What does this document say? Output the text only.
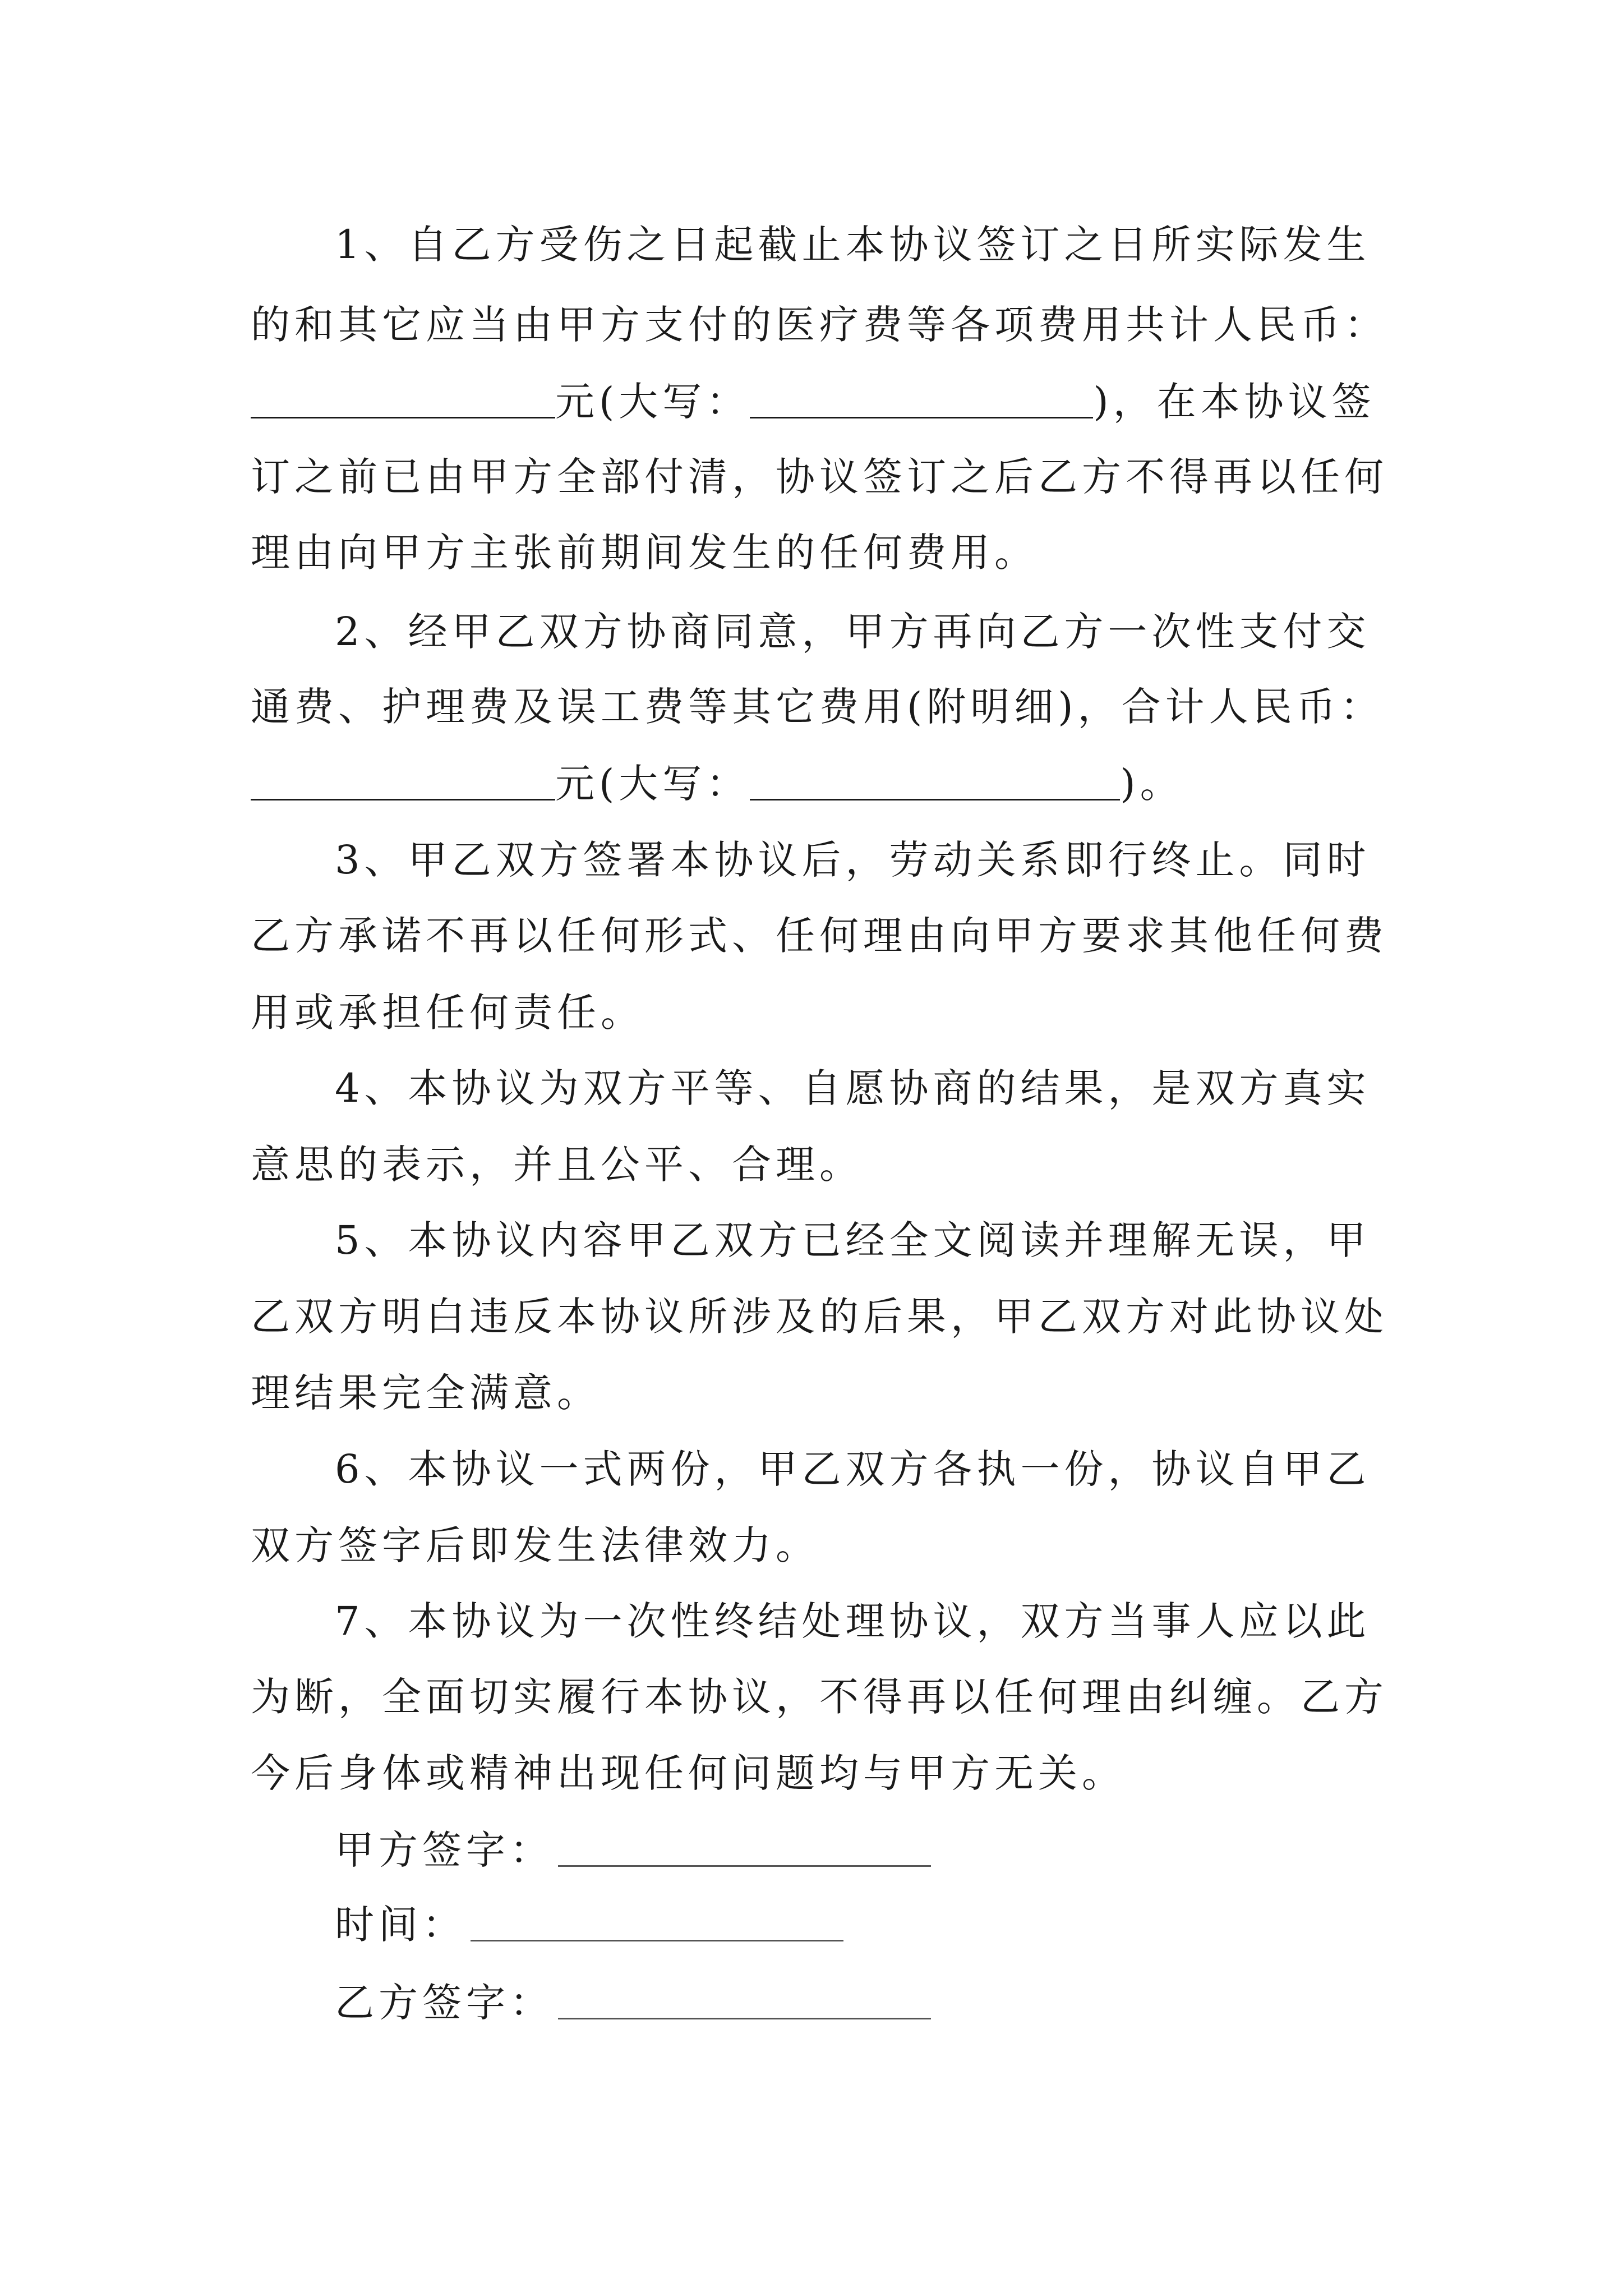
1、自乙方受伤之日起截止本协议签订之日所实际发生
的和其它应当由甲方支付的医疗费等各项费用共计人民币：
元(大写：	)，在本协议签
订之前已由甲方全部付清，协议签订之后乙方不得再以任何
理由向甲方主张前期间发生的任何费用。
2、经甲乙双方协商同意，甲方再向乙方一次性支付交
通费、护理费及误工费等其它费用(附明细)，合计人民币：
元(大写：	)。
3、甲乙双方签署本协议后，劳动关系即行终止。同时
乙方承诺不再以任何形式、任何理由向甲方要求其他任何费
用或承担任何责任。
4、本协议为双方平等、自愿协商的结果，是双方真实
意思的表示，并且公平、合理。
5、本协议内容甲乙双方已经全文阅读并理解无误，甲
乙双方明白违反本协议所涉及的后果，甲乙双方对此协议处
理结果完全满意。
6、本协议一式两份，甲乙双方各执一份，协议自甲乙
双方签字后即发生法律效力。
7、本协议为一次性终结处理协议，双方当事人应以此
为断，全面切实履行本协议，不得再以任何理由纠缠。乙方
今后身体或精神出现任何问题均与甲方无关。
甲方签字：
时间：
乙方签字：
